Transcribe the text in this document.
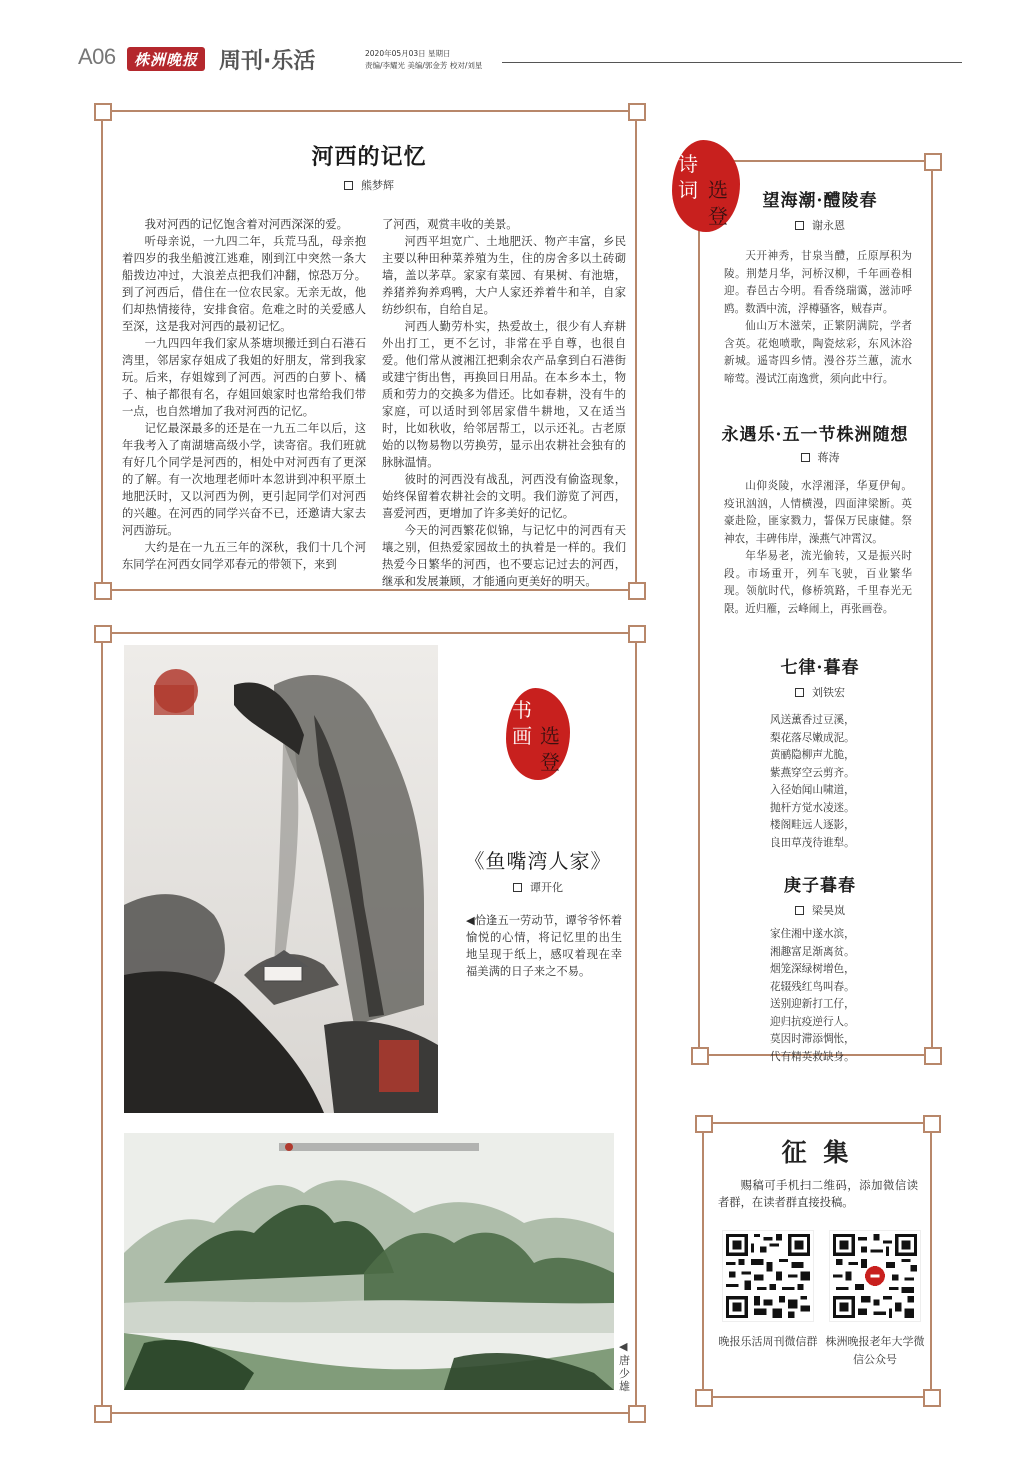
A06 株洲晚报 周刊·乐活	2020年05月03日 星期日
责编/李耀光 美编/郭金芳 校对/刘星
河西的记忆
熊梦辉

我对河西的记忆饱含着对河西深深的爱。

听母亲说，一九四二年，兵荒马乱，母亲抱着四岁的我坐船渡江逃难，刚到江中突然一条大船拨边冲过，大浪差点把我们冲翻，惊恐万分。到了河西后，借住在一位农民家。无亲无故，他们却热情接待，安排食宿。危难之时的关爱感人至深，这是我对河西的最初记忆。

一九四四年我们家从茶塘坝搬迁到白石港石湾里，邻居家存姐成了我姐的好朋友，常到我家玩。后来，存姐嫁到了河西。河西的白萝卜、橘子、柚子都很有名，存姐回娘家时也常给我们带一点，也自然增加了我对河西的记忆。

记忆最深最多的还是在一九五二年以后，这年我考入了南湖塘高级小学，读寄宿。我们班就有好几个同学是河西的，相处中对河西有了更深的了解。有一次地理老师叶本忽讲到冲积平原土地肥沃时，又以河西为例，更引起同学们对河西的兴趣。在河西的同学兴奋不已，还邀请大家去河西游玩。

大约是在一九五三年的深秋，我们十几个河东同学在河西女同学邓春元的带领下，来到

了河西，观赏丰收的美景。

河西平坦宽广、土地肥沃、物产丰富，乡民主要以种田种菜养殖为生，住的房舍多以土砖砌墙，盖以茅草。家家有菜园、有果树、有池塘，养猪养狗养鸡鸭，大户人家还养着牛和羊，自家纺纱织布，自给自足。

河西人勤劳朴实，热爱故土，很少有人弃耕外出打工，更不乞讨，非常在乎自尊，也很自爱。他们常从渡湘江把剩余农产品拿到白石港街或建宁街出售，再换回日用品。在本乡本土，物质和劳力的交换多为借还。比如春耕，没有牛的家庭，可以适时到邻居家借牛耕地，又在适当时，比如秋收，给邻居帮工，以示还礼。古老原始的以物易物以劳换劳，显示出农耕社会独有的脉脉温情。

彼时的河西没有战乱，河西没有偷盗现象，始终保留着农耕社会的文明。我们游览了河西，喜爱河西，更增加了许多美好的记忆。

今天的河西繁花似锦，与记忆中的河西有天壤之别，但热爱家园故土的执着是一样的。我们热爱今日繁华的河西，也不要忘记过去的河西，继承和发展兼顾，才能通向更美好的明天。

诗
词 选
登
望海潮·醴陵春
谢永恩

天开神秀，甘泉当醴，丘原厚积为陵。荆楚月华，河桥汉柳，千年画卷相迎。春邑古今明。看香绕瑞霭，滋沛呼鸥。数酒中流，浮樽骚客，贼春声。

仙山万木滋荣，正繁阴满院，学者含英。花炮喷歌，陶瓷炫彩，东风沐浴新城。遥寄四乡情。漫谷芬兰蕙，流水啼莺。漫试江南逸赏，须向此中行。

永遇乐·五一节株洲随想
蒋涛

山仰炎陵，水浮湘泽，华夏伊甸。疫讯汹汹，人情横漫，四面津梁断。英豪赴险，匪家戮力，誓保万民康健。祭神农，丰碑伟岸，澡燕气冲霄汉。

年华易老，流光偷转，又是振兴时段。市场重开，列车飞驶，百业繁华现。领航时代，修桥筑路，千里春光无限。近归雁，云峰闹上，再张画卷。

七律·暮春
刘铁宏

风送薰香过豆溪，

梨花落尽嫩成泥。

黄鹂隐柳声尤脆，

紫燕穿空云剪齐。

入径始闻山啸道，

抛杆方觉水凌迷。

楼阁畦远人逐影，

良田草茂待谁犁。

庚子暮春
梁昊岚

家住湘中遂水滨，

湘趣富足渐离贫。

烟笼深绿树增色，

花辍残红鸟叫春。

送别迎新打工仔，

迎归抗疫逆行人。

莫因时滞添惆怅，

代有精英救缺身。

书
画 选
登
《鱼嘴湾人家》
谭开化
◀恰逢五一劳动节，谭爷爷怀着愉悦的心情，将记忆里的出生地呈现于纸上，感叹着现在幸福美满的日子来之不易。
◀
唐少雄
征 集
赐稿可手机扫二维码，添加微信读者群，在读者群直接投稿。
晚报乐活周刊微信群 株洲晚报老年大学微信公众号
